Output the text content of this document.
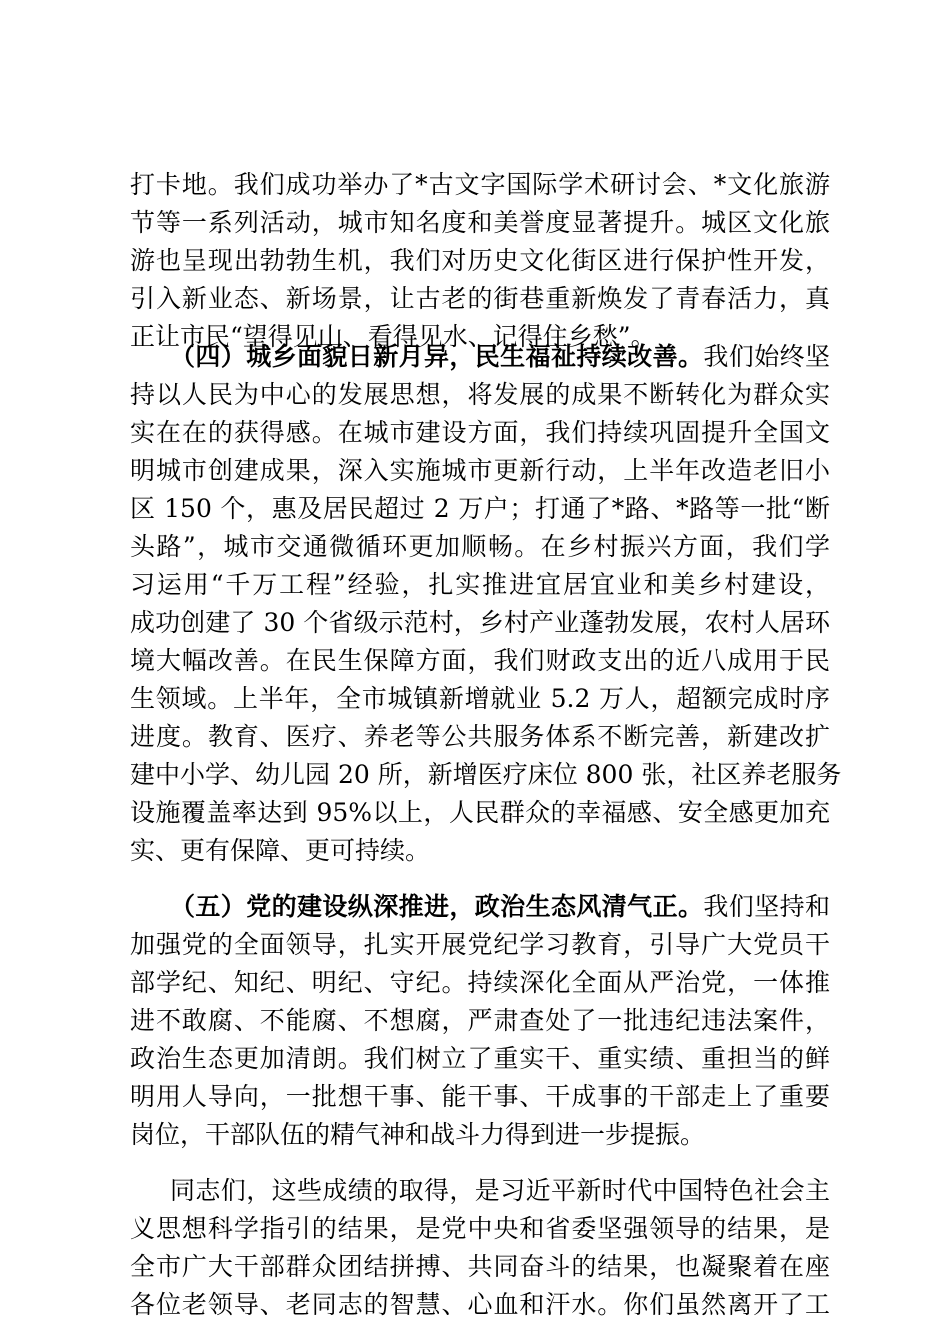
打卡地。我们成功举办了*古文字国际学术研讨会、*文化旅游
节等一系列活动，城市知名度和美誉度显著提升。城区文化旅
游也呈现出勃勃生机，我们对历史文化街区进行保护性开发，
引入新业态、新场景，让古老的街巷重新焕发了青春活力，真
正让市民“望得见山、看得见水、记得住乡愁”。
（四）城乡面貌日新月异，民生福祉持续改善。我们始终坚
持以人民为中心的发展思想，将发展的成果不断转化为群众实
实在在的获得感。在城市建设方面，我们持续巩固提升全国文
明城市创建成果，深入实施城市更新行动，上半年改造老旧小
区 150 个，惠及居民超过 2 万户；打通了*路、*路等一批“断
头路”，城市交通微循环更加顺畅。在乡村振兴方面，我们学
习运用“千万工程”经验，扎实推进宜居宜业和美乡村建设，
成功创建了 30 个省级示范村，乡村产业蓬勃发展，农村人居环
境大幅改善。在民生保障方面，我们财政支出的近八成用于民
生领域。上半年，全市城镇新增就业 5.2 万人，超额完成时序
进度。教育、医疗、养老等公共服务体系不断完善，新建改扩
建中小学、幼儿园 20 所，新增医疗床位 800 张，社区养老服务
设施覆盖率达到 95%以上，人民群众的幸福感、安全感更加充
实、更有保障、更可持续。
（五）党的建设纵深推进，政治生态风清气正。我们坚持和
加强党的全面领导，扎实开展党纪学习教育，引导广大党员干
部学纪、知纪、明纪、守纪。持续深化全面从严治党，一体推
进不敢腐、不能腐、不想腐，严肃查处了一批违纪违法案件，
政治生态更加清朗。我们树立了重实干、重实绩、重担当的鲜
明用人导向，一批想干事、能干事、干成事的干部走上了重要
岗位，干部队伍的精气神和战斗力得到进一步提振。
同志们，这些成绩的取得，是习近平新时代中国特色社会主
义思想科学指引的结果，是党中央和省委坚强领导的结果，是
全市广大干部群众团结拼搏、共同奋斗的结果，也凝聚着在座
各位老领导、老同志的智慧、心血和汗水。你们虽然离开了工
